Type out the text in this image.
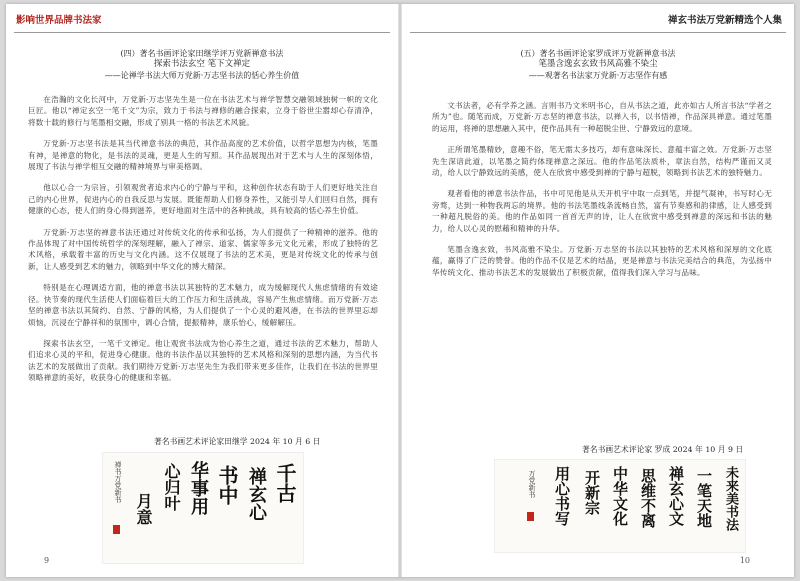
影响世界品牌书法家
(四）著名书画评论家田继学评万党新禅意书法
探索书法玄空 笔下文禅定
——论禅学书法大师万党新·万志坚书法的恬心养生价值

在浩瀚的文化长河中，万党新·万志坚先生是一位在书法艺术与禅学智慧交融领域独树一帜的文化巨匠。他以“禅定玄空一笔千文”为宗，致力于书法与禅修的融合探索，立身于俗世尘嚣却心存清净，将数十载的修行与笔墨相交融，形成了别具一格的书法艺术风貌。

万党新·万志坚书法是其当代禅意书法的典范，其作品高度的艺术价值，以哲学思想为内核，笔墨有神，是禅意的物化，是书法的灵魂，更是人生的写照。其作品展现出对于艺术与人生的深刻体悟，展现了书法与禅学相互交融的精神境界与审美格调。

他以心合一为宗旨，引领观赏者追求内心的宁静与平和，这种创作状态有助于人们更好地关注自己的内心世界，促进内心的自我反思与发展。既能帮助人们修身养性，又能引导人们回归自然，拥有健康的心态，使人们的身心得到滋养，更好地面对生活中的各种挑战，具有较高的恬心养生价值。

万党新·万志坚的禅意书法还通过对传统文化的传承和弘扬，为人们提供了一种精神的滋养。他的作品体现了对中国传统哲学的深刻理解，融入了禅宗、道家、儒家等多元文化元素，形成了独特的艺术风格，承载着丰富的历史与文化内涵。这不仅展现了书法的艺术美，更是对传统文化的传承与创新，让人感受到艺术的魅力，领略到中华文化的博大精深。

特别是在心理调适方面，他的禅意书法以其独特的艺术魅力，成为缓解现代人焦虑情绪的有效途径。快节奏的现代生活使人们面临着巨大的工作压力和生活挑战，容易产生焦虑情绪。而万党新·万志坚的禅意书法以其简约、自然、宁静的风格，为人们提供了一个心灵的避风港，在书法的世界里忘却烦恼，沉浸在宁静祥和的氛围中，调心合情，提振精神，康乐怡心，缓解解压。

探索书法玄空，一笔千文禅定。他让观赏书法成为怡心养生之道，通过书法的艺术魅力，帮助人们追求心灵的平和，促进身心健康。他的书法作品以其独特的艺术风格和深刻的思想内涵，为当代书法艺术的发展做出了贡献。我们期待万党新·万志坚先生为我们带来更多佳作，让我们在书法的世界里领略禅意的美好，收获身心的健康和幸福。

著名书画艺术评论家田继学 2024 年 10 月 6 日
千古
禅玄心
书中
华事用
心归叶
月意
禅书万党新书
9
禅玄书法万党新精选个人集
(五）著名书画评论家罗成评万党新禅意书法
笔墨含逸玄玄致书风高雅不染尘
——观著名书法家万党新·万志坚作有感

文书法者，必有学养之涵。言则书乃文米明书心，自从书法之道，此亦如古人所言书法“学者之所为”也。随笔而成，万党新·万志坚的禅意书法，以禅入书，以书悟禅，作品深具禅意。通过笔墨的运用，将禅的思想融入其中，使作品具有一种超脱尘世、宁静致远的意境。

正所谓笔墨精妙，意趣不俗，笔无需太多技巧，却有意味深长、意蕴丰富之效。万党新·万志坚先生深谙此道，以笔墨之简约体现禅意之深远。他的作品笔法质朴，章法自然，结构严谨而又灵动，给人以宁静致远的美感，使人在欣赏中感受到禅的宁静与超脱，领略到书法艺术的独特魅力。

观者看他的禅意书法作品，书中可见他是从天开机宇中取一点到笔，并提气凝神，书写时心无旁骛，达到一种物我两忘的境界。他的书法笔墨线条流畅自然，富有节奏感和韵律感，让人感受到一种超凡脱俗的美。他的作品如同一首首无声的诗，让人在欣赏中感受到禅意的深远和书法的魅力，给人以心灵的慰藉和精神的升华。

笔墨含逸玄致，书风高雅不染尘。万党新·万志坚的书法以其独特的艺术风格和深厚的文化底蕴，赢得了广泛的赞誉。他的作品不仅是艺术的结晶，更是禅意与书法完美结合的典范，为弘扬中华传统文化、推动书法艺术的发展做出了积极贡献，值得我们深入学习与品味。

著名书画艺术评论家 罗成 2024 年 10 月 9 日
未来美书法
一笔天地
禅玄心文
思维不离
中华文化
开新宗
用心书写
万党新书
10
